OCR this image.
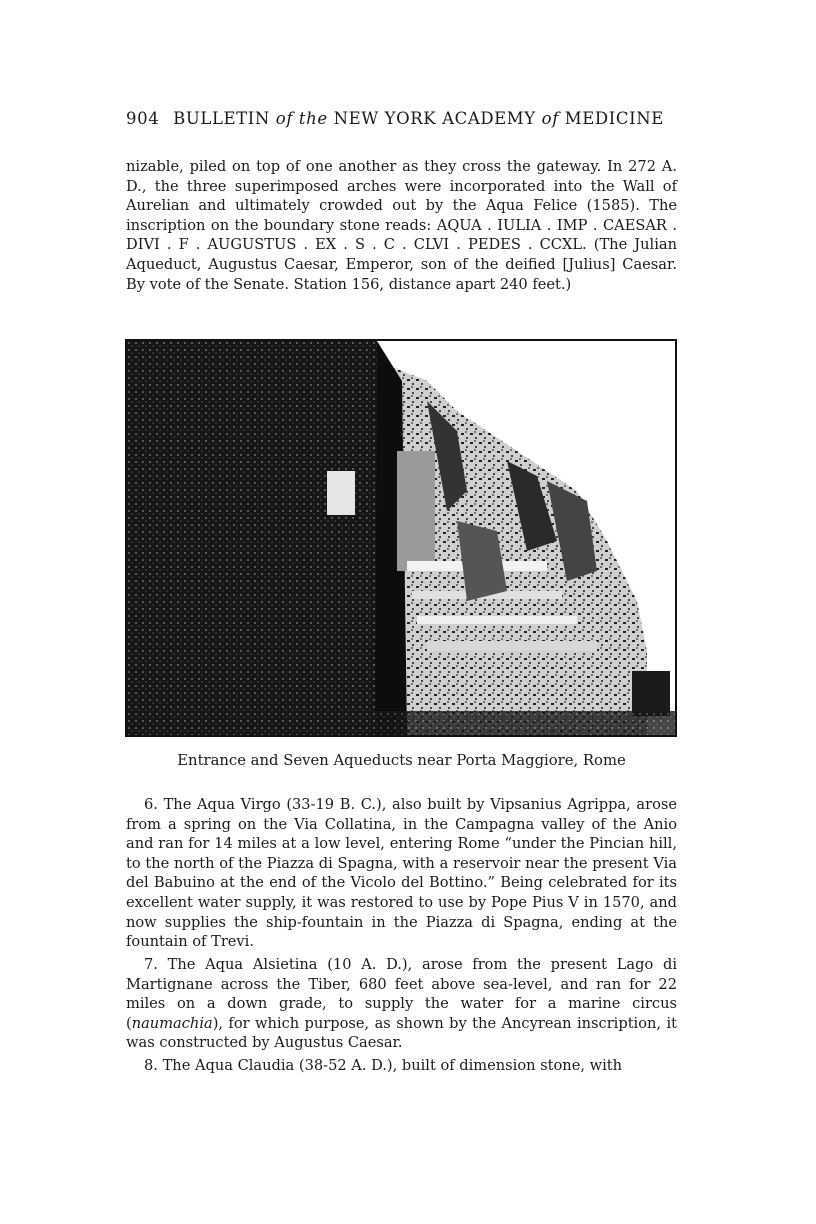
904 BULLETIN of the NEW YORK ACADEMY of MEDICINE
nizable, piled on top of one another as they cross the gateway. In 272 A. D., the three superimposed arches were incorporated into the Wall of Aurelian and ultimately crowded out by the Aqua Felice (1585). The inscription on the boundary stone reads: AQUA . IULIA . IMP . CAESAR . DIVI . F . AUGUSTUS . EX . S . C . CLVI . PEDES . CCXL. (The Julian Aqueduct, Augustus Caesar, Emperor, son of the deified [Julius] Caesar. By vote of the Senate. Station 156, distance apart 240 feet.)
Entrance and Seven Aqueducts near Porta Maggiore, Rome
6. The Aqua Virgo (33-19 B. C.), also built by Vipsanius Agrippa, arose from a spring on the Via Collatina, in the Campagna valley of the Anio and ran for 14 miles at a low level, entering Rome “under the Pincian hill, to the north of the Piazza di Spagna, with a reservoir near the present Via del Babuino at the end of the Vicolo del Bottino.” Being celebrated for its excellent water supply, it was restored to use by Pope Pius V in 1570, and now supplies the ship-fountain in the Piazza di Spagna, ending at the fountain of Trevi.
7. The Aqua Alsietina (10 A. D.), arose from the present Lago di Martignane across the Tiber, 680 feet above sea-level, and ran for 22 miles on a down grade, to supply the water for a marine circus (naumachia), for which purpose, as shown by the Ancyrean inscription, it was constructed by Augustus Caesar.
8. The Aqua Claudia (38-52 A. D.), built of dimension stone, with
